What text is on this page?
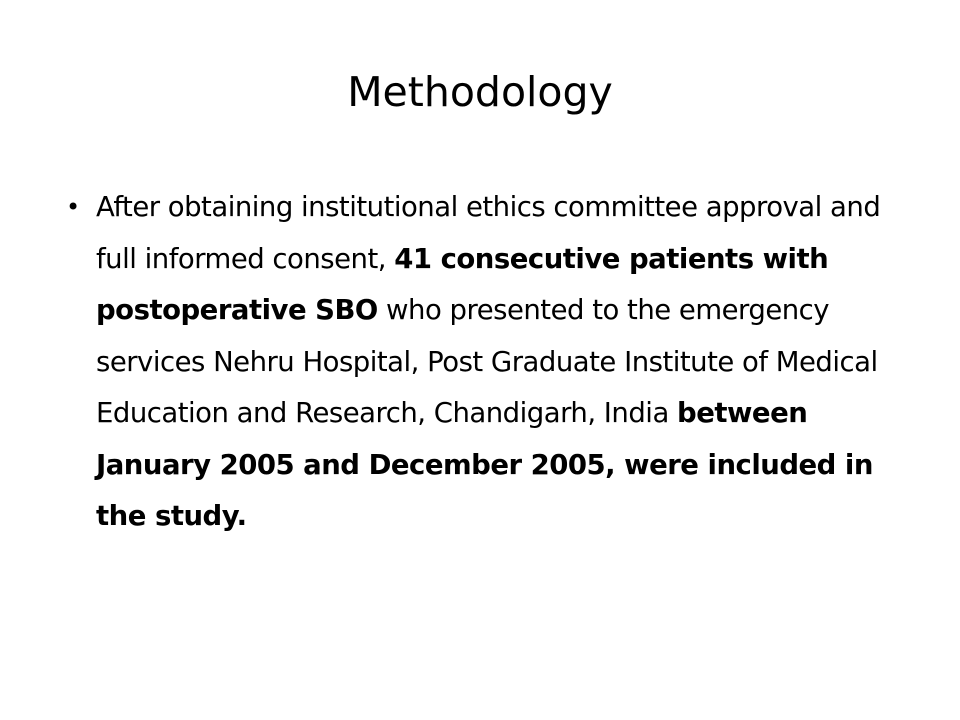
Methodology
• After obtaining institutional ethics committee approval and full informed consent, 41 consecutive patients with postoperative SBO who presented to the emergency services Nehru Hospital, Post Graduate Institute of Medical Education and Research, Chandigarh, India between January 2005 and December 2005, were included in the study.
